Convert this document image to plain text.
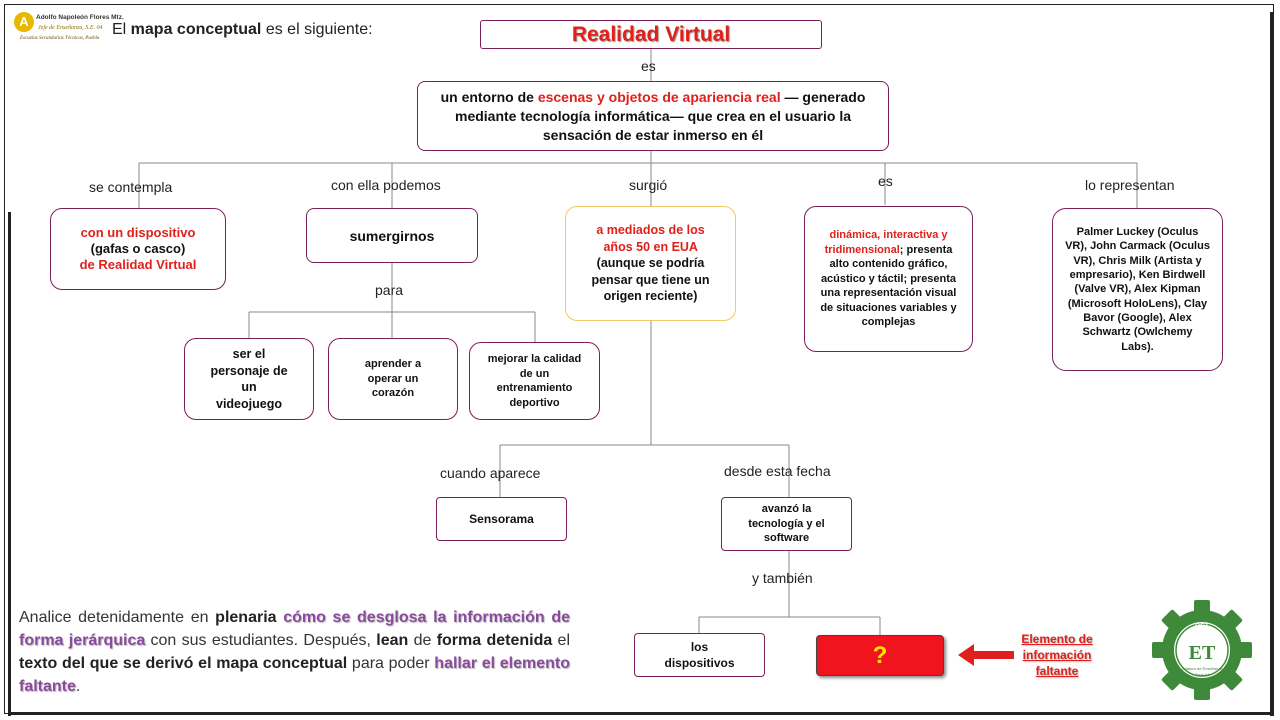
A	Adolfo Napoleón Flores Mtz.
Jefe de Enseñanza, S.E. 04
Escuelas Secundarias Técnicas, Puebla
El mapa conceptual es el siguiente:	Realidad Virtual
es
un entorno de escenas y objetos de apariencia real — generado mediante tecnología informática— que crea en el usuario la sensación de estar inmerso en él
se contempla	con ella podemos	surgió	es	lo representan
con un dispositivo
(gafas o casco)
de Realidad Virtual
sumergirnos	a mediados de los años 50 en EUA (aunque se podría pensar que tiene un origen reciente)
dinámica, interactiva y tridimensional; presenta alto contenido gráfico, acústico y táctil; presenta una representación visual de situaciones variables y complejas
Palmer Luckey (Oculus VR), John Carmack (Oculus VR), Chris Milk (Artista y empresario), Ken Birdwell (Valve VR), Alex Kipman (Microsoft HoloLens), Clay Bavor (Google), Alex Schwartz (Owlchemy Labs).
para
ser el personaje de un videojuego
aprender a operar un corazón
mejorar la calidad de un entrenamiento deportivo
cuando aparece	desde esta fecha
Sensorama
avanzó la tecnología y el software
y también
los dispositivos	?
Elemento de información faltante
Analice detenidamente en plenaria cómo se desglosa la información de forma jerárquica con sus estudiantes. Después, lean de forma detenida el texto del que se derivó el mapa conceptual para poder hallar el elemento faltante.
DST
ET
Jefatura de Enseñanza
Zona 04
